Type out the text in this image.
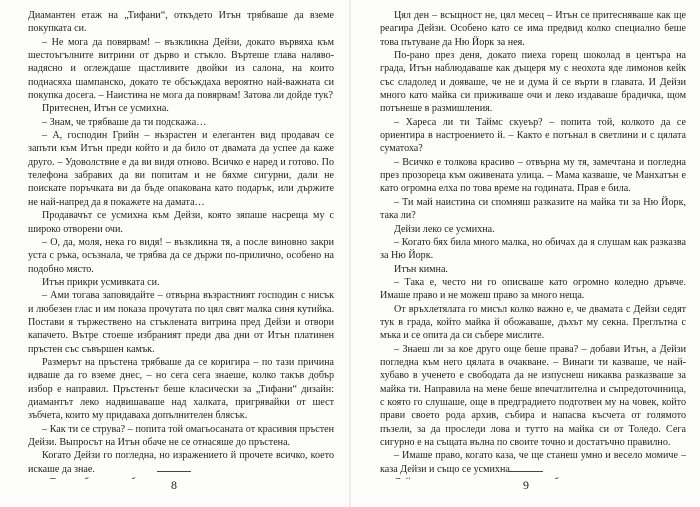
Диамантен етаж на „Тифани“, откъдето Итън трябваше да вземе покупката си.

– Не мога да повярвам! – възкликна Дейзи, докато вървяха към шестоъгълните витрини от дърво и стъкло. Въртеше глава наляво-надясно и оглеждаше щастливите двойки из салона, на които поднасяха шампанско, докато те обсъждаха вероятно най-важната си покупка досега. – Наистина не мога да повярвам! Затова ли дойде тук?

Притеснен, Итън се усмихна.

– Знам, че трябваше да ти подскажа…

– А, господин Грийн – възрастен и елегантен вид продавач се запъти към Итън преди който и да било от двамата да успее да каже друго. – Удоволствие е да ви видя отново. Всичко е наред и готово. По телефона забравих да ви попитам и не бяхме сигурни, дали не поискате поръчката ви да бъде опакована като подарък, или държите не най-напред да я покажете на дамата…

Продавачът се усмихна към Дейзи, която зяпаше насреща му с широко отворени очи.

– О, да, моля, нека го видя! – възкликна тя, а после виновно закри уста с ръка, осъзнала, че трябва да се държи по-прилично, особено на подобно място.

Итън прикри усмивката си.

– Ами тогава заповядайте – отвърна възрастният господин с нисък и любезен глас и им показа прочутата по цял свят малка синя кутийка. Постави я тържествено на стъклената витрина пред Дейзи и отвори капачето. Вътре стоеше избраният преди два дни от Итън платинен пръстен със съвършен камък.

Размерът на пръстена трябваше да се коригира – по тази причина идваше да го вземе днес, – но сега сега знаеше, колко такъв добър избор е направил. Пръстенът беше класически за „Тифани“ дизайн: диамантът леко надвишаваше над халката, пригрявайки от шест зъбчета, които му придаваха допълнителен блясък.

– Как ти се струва? – попита той омагьосаната от красивия пръстен Дейзи. Выпросът на Итън обаче не се отнасяше до пръстена.

Когато Дейзи го погледна, но изражението й прочете всичко, което искаше да знае.

8

Цял ден – всъщност не, цял месец – Итън се притесняваше как ще реагира Дейзи. Особено като се има предвид колко специално беше това пътуване да Ню Йорк за нея.

По-рано през деня, докато пиеха горещ шоколад в центъра на града, Итън наблюдаваше как дъщеря му с неохота яде лимонов кейк със сладолед и дояваше, че не и дума й се върти в главата. И Дейзи много като майка си приживаше очи и леко издаваше брадичка, щом потънеше в размишления.

– Хареса ли ти Таймс скуеър? – попита той, колкото да се ориентира в настроението й. – Както е потънал в светлини и с цялата суматоха?

– Всичко е толкова красиво – отвърна му тя, замечтана и погледна през прозореца към оживената улица. – Мама казваше, че Манхатън е като огромна елха по това време на годината. Прав е била.

– Ти май наистина си спомняш разказите на майка ти за Ню Йорк, така ли?

Дейзи леко се усмихна.

– Когато бях била много малка, но обичах да я слушам как разказва за Ню Йорк.

Итън кимна.

– Така е, често ни го описваше като огромно коледно дръвче. Имаше право и не можеш право за много неща.

От връхлетялата го мисъл колко важно е, че двамата с Дейзи седят тук в града, който майка й обожаваше, дъхът му секна. Преглътна с мъка и се опита да си събере мислите.

– Знаеш ли за кое друго още беше права? – добави Итън, а Дейзи погледна към него цялата в очакване. – Винаги ти казваше, че най-хубаво в ученето е свободата да не изпуснеш никаква разказваше за майка ти. Направила на мене беше впечатлителна и съпредоточиница, с която го слушаше, още в предградието подготвен му на човек, който прави своето рода архив, събира и напасва късчета от голямото пъзели, за да проследи лова и тутто на майка си от Толедо. Сега сигурно е на същата вълна по своите точно и достатъчно правилно.

– Имаше право, когато каза, че ще станеш умно и весело момиче – каза Дейзи и също се усмихна.

9
